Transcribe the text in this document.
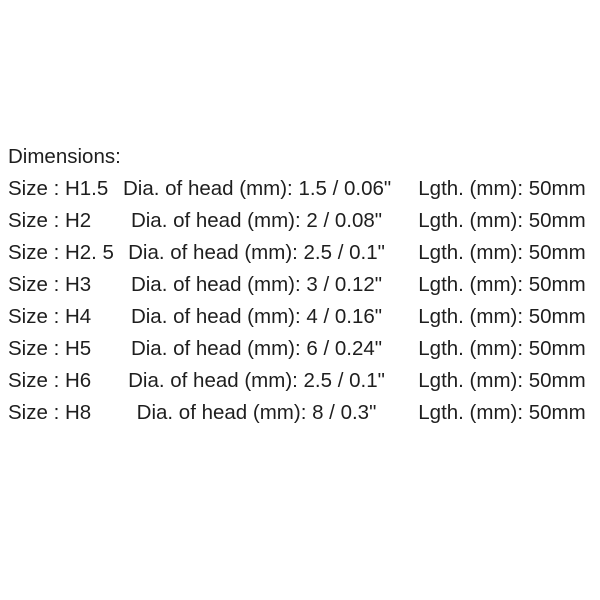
Dimensions:
Size : H1.5 Dia. of head (mm): 1.5 / 0.06"	Lgth. (mm): 50mm
Size : H2	Dia. of head (mm): 2 / 0.08"	Lgth. (mm): 50mm
Size : H2. 5 Dia. of head (mm): 2.5 / 0.1"	Lgth. (mm): 50mm
Size : H3	Dia. of head (mm): 3 / 0.12"	Lgth. (mm): 50mm
Size : H4	Dia. of head (mm): 4 / 0.16"	Lgth. (mm): 50mm
Size : H5	Dia. of head (mm): 6 / 0.24"	Lgth. (mm): 50mm
Size : H6	Dia. of head (mm): 2.5 / 0.1"	Lgth. (mm): 50mm
Size : H8	Dia. of head (mm): 8 / 0.3"	Lgth. (mm): 50mm
